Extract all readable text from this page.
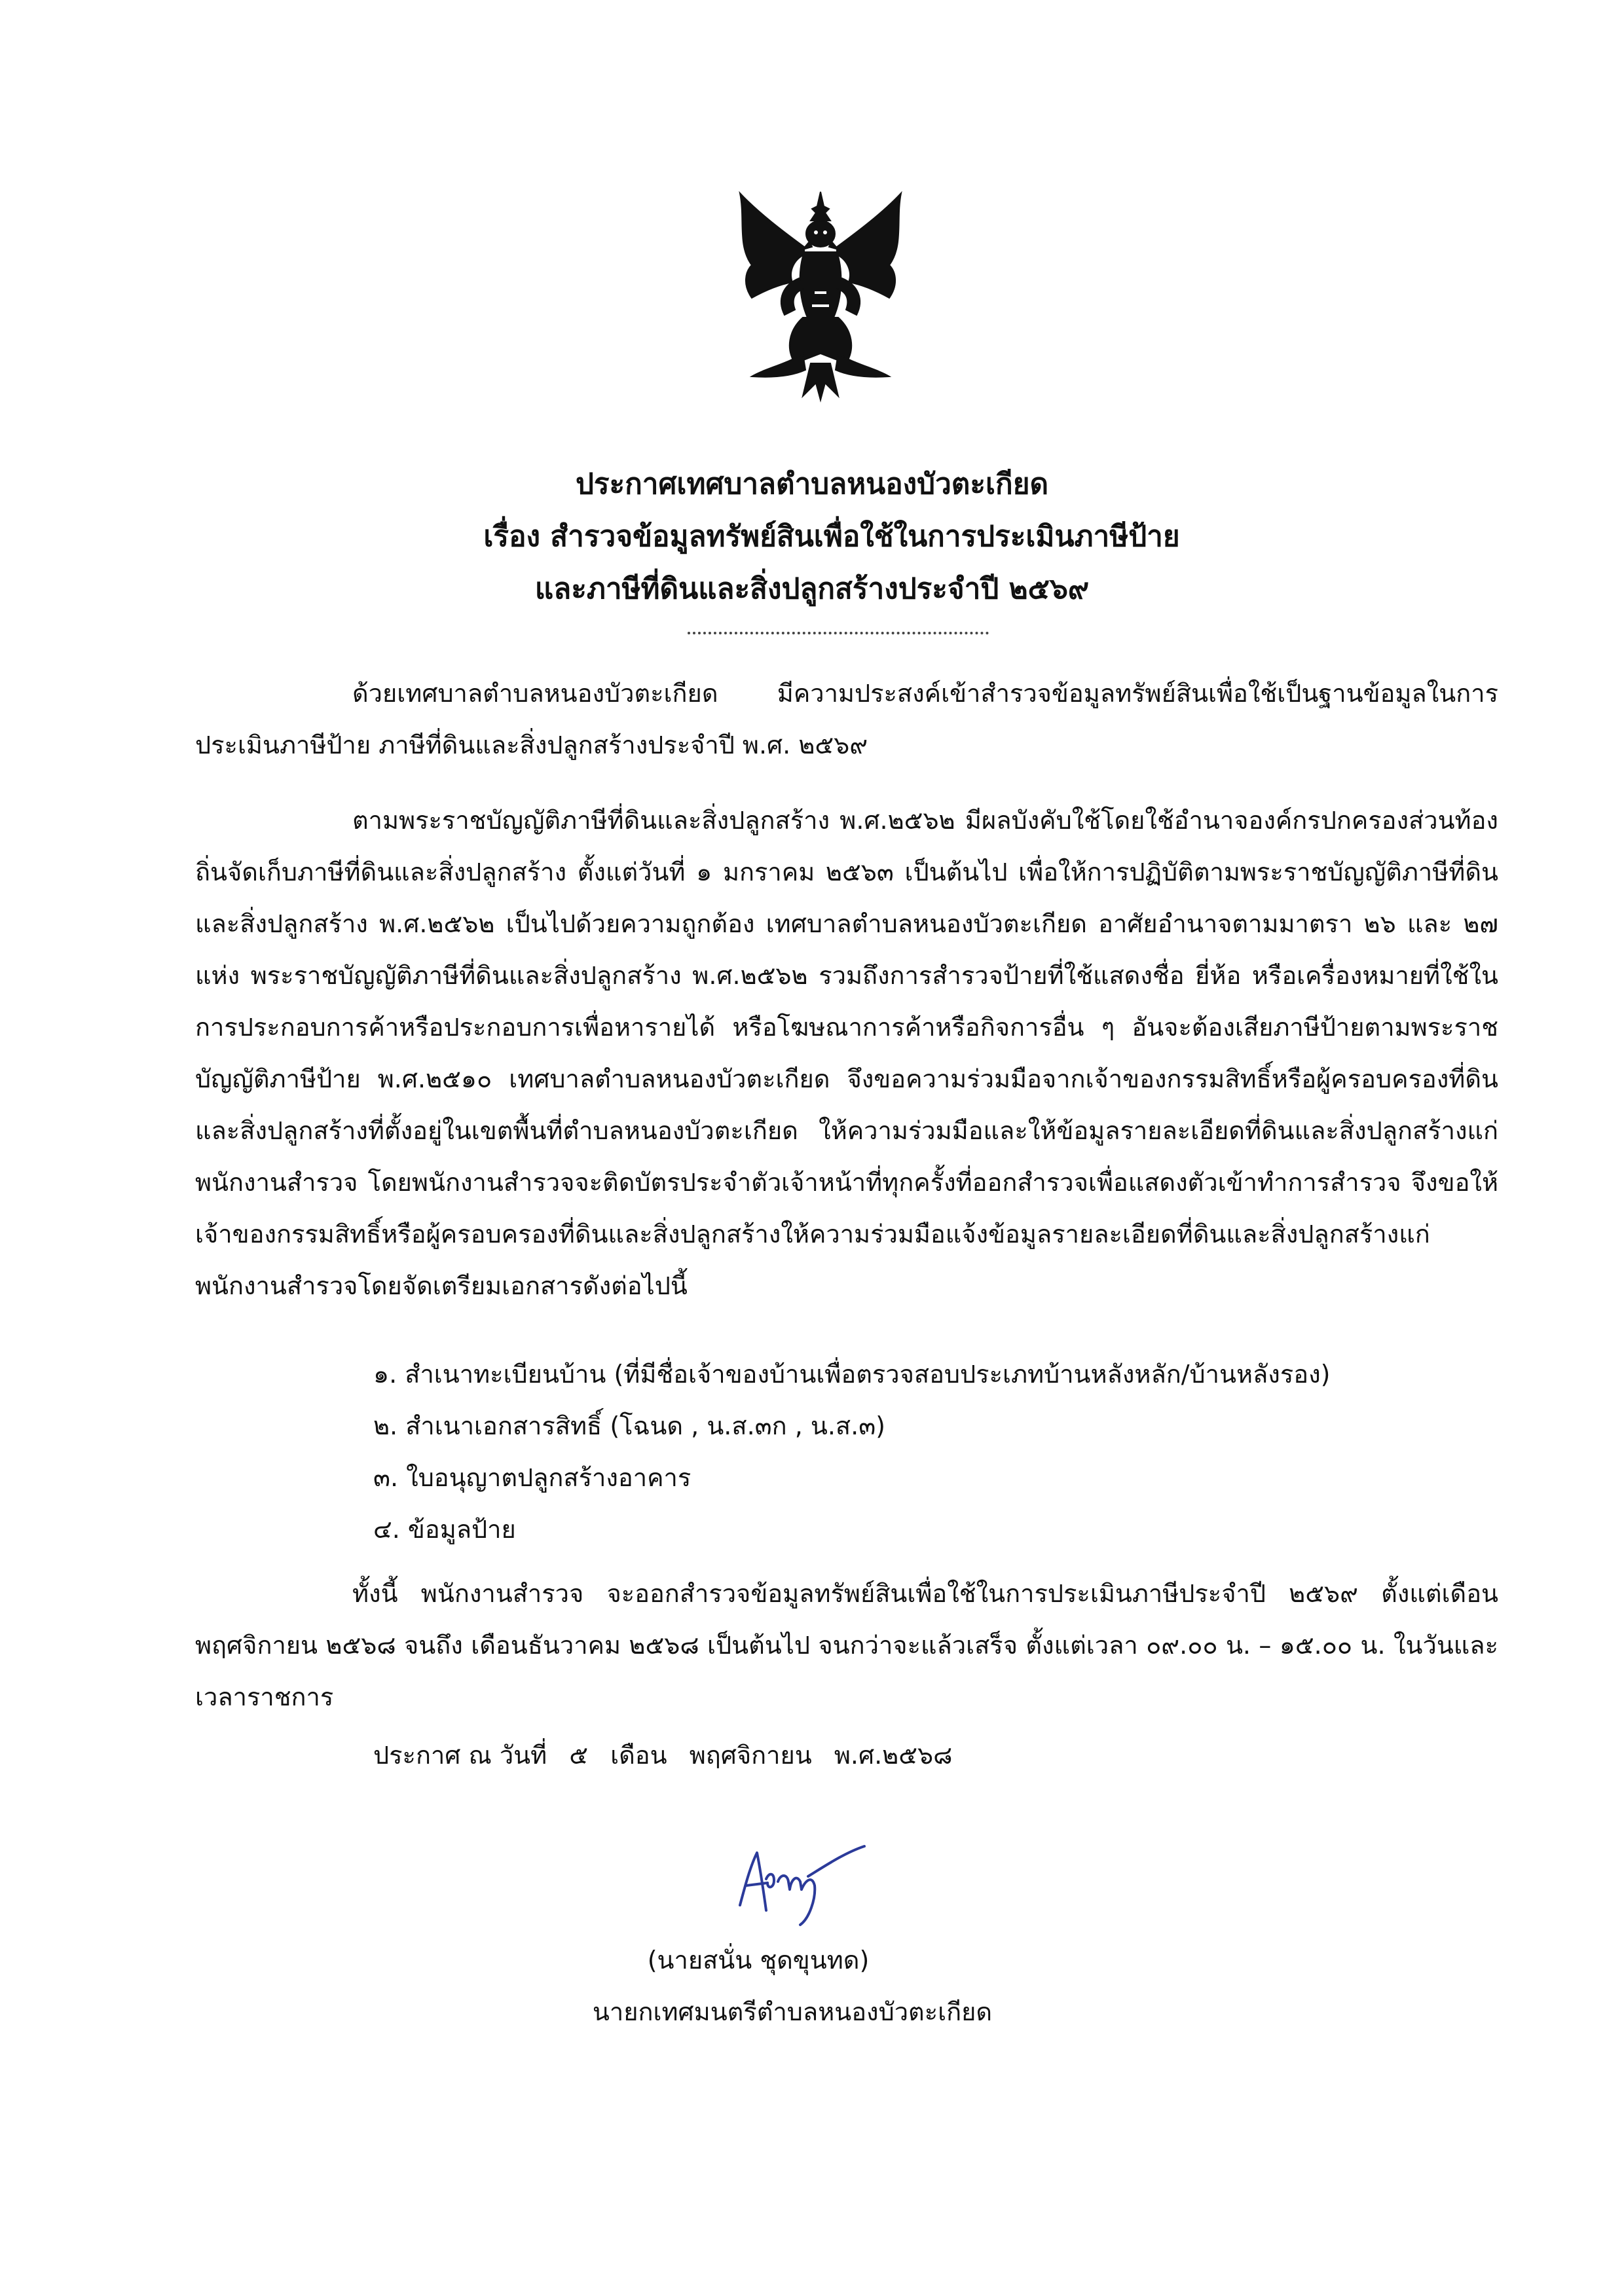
ประกาศเทศบาลตำบลหนองบัวตะเกียด
เรื่อง สำรวจข้อมูลทรัพย์สินเพื่อใช้ในการประเมินภาษีป้าย
และภาษีที่ดินและสิ่งปลูกสร้างประจำปี ๒๕๖๙

ด้วยเทศบาลตำบลหนองบัวตะเกียด มีความประสงค์เข้าสำรวจข้อมูลทรัพย์สินเพื่อใช้เป็นฐานข้อมูลในการประเมินภาษีป้าย ภาษีที่ดินและสิ่งปลูกสร้างประจำปี พ.ศ. ๒๕๖๙

ตามพระราชบัญญัติภาษีที่ดินและสิ่งปลูกสร้าง พ.ศ.๒๕๖๒ มีผลบังคับใช้โดยใช้อำนาจองค์กรปกครองส่วนท้องถิ่นจัดเก็บภาษีที่ดินและสิ่งปลูกสร้าง ตั้งแต่วันที่ ๑ มกราคม ๒๕๖๓ เป็นต้นไป เพื่อให้การปฏิบัติตามพระราชบัญญัติภาษีที่ดินและสิ่งปลูกสร้าง พ.ศ.๒๕๖๒ เป็นไปด้วยความถูกต้อง เทศบาลตำบลหนองบัวตะเกียด อาศัยอำนาจตามมาตรา ๒๖ และ ๒๗ แห่ง พระราชบัญญัติภาษีที่ดินและสิ่งปลูกสร้าง พ.ศ.๒๕๖๒ รวมถึงการสำรวจป้ายที่ใช้แสดงชื่อ ยี่ห้อ หรือเครื่องหมายที่ใช้ในการประกอบการค้าหรือประกอบการเพื่อหารายได้ หรือโฆษณาการค้าหรือกิจการอื่น ๆ อันจะต้องเสียภาษีป้ายตามพระราชบัญญัติภาษีป้าย พ.ศ.๒๕๑๐ เทศบาลตำบลหนองบัวตะเกียด จึงขอความร่วมมือจากเจ้าของกรรมสิทธิ์หรือผู้ครอบครองที่ดินและสิ่งปลูกสร้างที่ตั้งอยู่ในเขตพื้นที่ตำบลหนองบัวตะเกียด ให้ความร่วมมือและให้ข้อมูลรายละเอียดที่ดินและสิ่งปลูกสร้างแก่พนักงานสำรวจ โดยพนักงานสำรวจจะติดบัตรประจำตัวเจ้าหน้าที่ทุกครั้งที่ออกสำรวจเพื่อแสดงตัวเข้าทำการสำรวจ จึงขอให้เจ้าของกรรมสิทธิ์หรือผู้ครอบครองที่ดินและสิ่งปลูกสร้างให้ความร่วมมือแจ้งข้อมูลรายละเอียดที่ดินและสิ่งปลูกสร้างแก่พนักงานสำรวจโดยจัดเตรียมเอกสารดังต่อไปนี้

๑. สำเนาทะเบียนบ้าน (ที่มีชื่อเจ้าของบ้านเพื่อตรวจสอบประเภทบ้านหลังหลัก/บ้านหลังรอง)
๒. สำเนาเอกสารสิทธิ์ (โฉนด , น.ส.๓ก , น.ส.๓)
๓. ใบอนุญาตปลูกสร้างอาคาร
๔. ข้อมูลป้าย

ทั้งนี้ พนักงานสำรวจ จะออกสำรวจข้อมูลทรัพย์สินเพื่อใช้ในการประเมินภาษีประจำปี ๒๕๖๙ ตั้งแต่เดือนพฤศจิกายน ๒๕๖๘ จนถึง เดือนธันวาคม ๒๕๖๘ เป็นต้นไป จนกว่าจะแล้วเสร็จ ตั้งแต่เวลา ๐๙.๐๐ น. – ๑๕.๐๐ น. ในวันและเวลาราชการ

ประกาศ ณ วันที่ ๕ เดือน พฤศจิกายน พ.ศ.๒๕๖๘
(นายสนั่น ชุดขุนทด)
นายกเทศมนตรีตำบลหนองบัวตะเกียด
